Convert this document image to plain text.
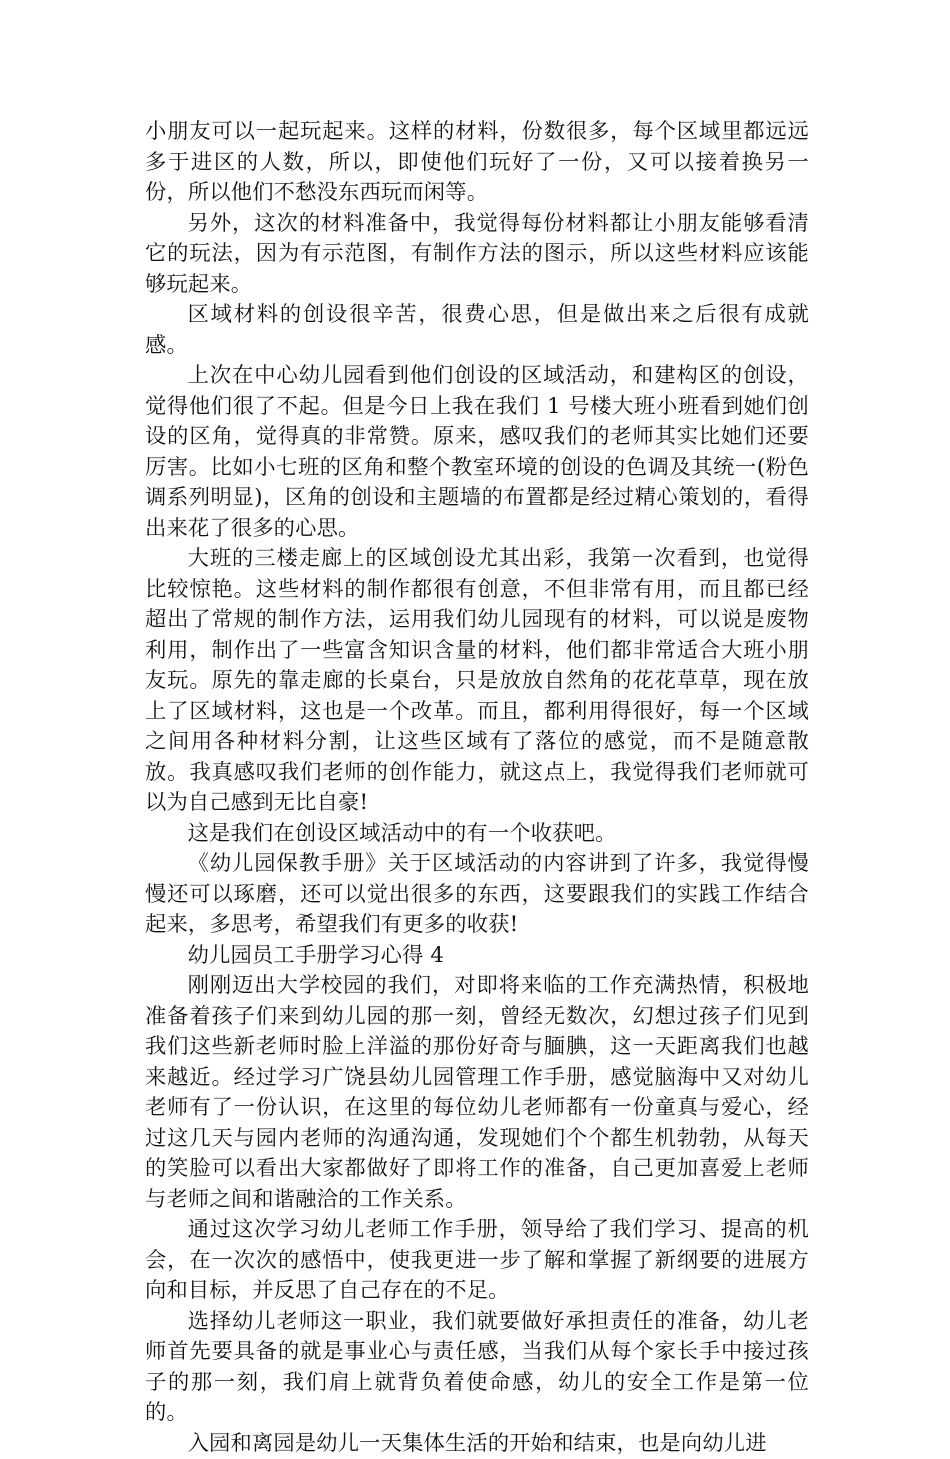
小朋友可以一起玩起来。这样的材料，份数很多，每个区域里都远远多于进区的人数，所以，即使他们玩好了一份，又可以接着换另一份，所以他们不愁没东西玩而闲等。

另外，这次的材料准备中，我觉得每份材料都让小朋友能够看清它的玩法，因为有示范图，有制作方法的图示，所以这些材料应该能够玩起来。

区域材料的创设很辛苦，很费心思，但是做出来之后很有成就感。

上次在中心幼儿园看到他们创设的区域活动，和建构区的创设，觉得他们很了不起。但是今日上我在我们 1 号楼大班小班看到她们创设的区角，觉得真的非常赞。原来，感叹我们的老师其实比她们还要厉害。比如小七班的区角和整个教室环境的创设的色调及其统一(粉色调系列明显)，区角的创设和主题墙的布置都是经过精心策划的，看得出来花了很多的心思。

大班的三楼走廊上的区域创设尤其出彩，我第一次看到，也觉得比较惊艳。这些材料的制作都很有创意，不但非常有用，而且都已经超出了常规的制作方法，运用我们幼儿园现有的材料，可以说是废物利用，制作出了一些富含知识含量的材料，他们都非常适合大班小朋友玩。原先的靠走廊的长桌台，只是放放自然角的花花草草，现在放上了区域材料，这也是一个改革。而且，都利用得很好，每一个区域之间用各种材料分割，让这些区域有了落位的感觉，而不是随意散放。我真感叹我们老师的创作能力，就这点上，我觉得我们老师就可以为自己感到无比自豪!

这是我们在创设区域活动中的有一个收获吧。

《幼儿园保教手册》关于区域活动的内容讲到了许多，我觉得慢慢还可以琢磨，还可以觉出很多的东西，这要跟我们的实践工作结合起来，多思考，希望我们有更多的收获!

幼儿园员工手册学习心得 4

刚刚迈出大学校园的我们，对即将来临的工作充满热情，积极地准备着孩子们来到幼儿园的那一刻，曾经无数次，幻想过孩子们见到我们这些新老师时脸上洋溢的那份好奇与腼腆，这一天距离我们也越来越近。经过学习广饶县幼儿园管理工作手册，感觉脑海中又对幼儿老师有了一份认识，在这里的每位幼儿老师都有一份童真与爱心，经过这几天与园内老师的沟通沟通，发现她们个个都生机勃勃，从每天的笑脸可以看出大家都做好了即将工作的准备，自己更加喜爱上老师与老师之间和谐融洽的工作关系。

通过这次学习幼儿老师工作手册，领导给了我们学习、提高的机会，在一次次的感悟中，使我更进一步了解和掌握了新纲要的进展方向和目标，并反思了自己存在的不足。

选择幼儿老师这一职业，我们就要做好承担责任的准备，幼儿老师首先要具备的就是事业心与责任感，当我们从每个家长手中接过孩子的那一刻，我们肩上就背负着使命感，幼儿的安全工作是第一位的。

入园和离园是幼儿一天集体生活的开始和结束，也是向幼儿进
